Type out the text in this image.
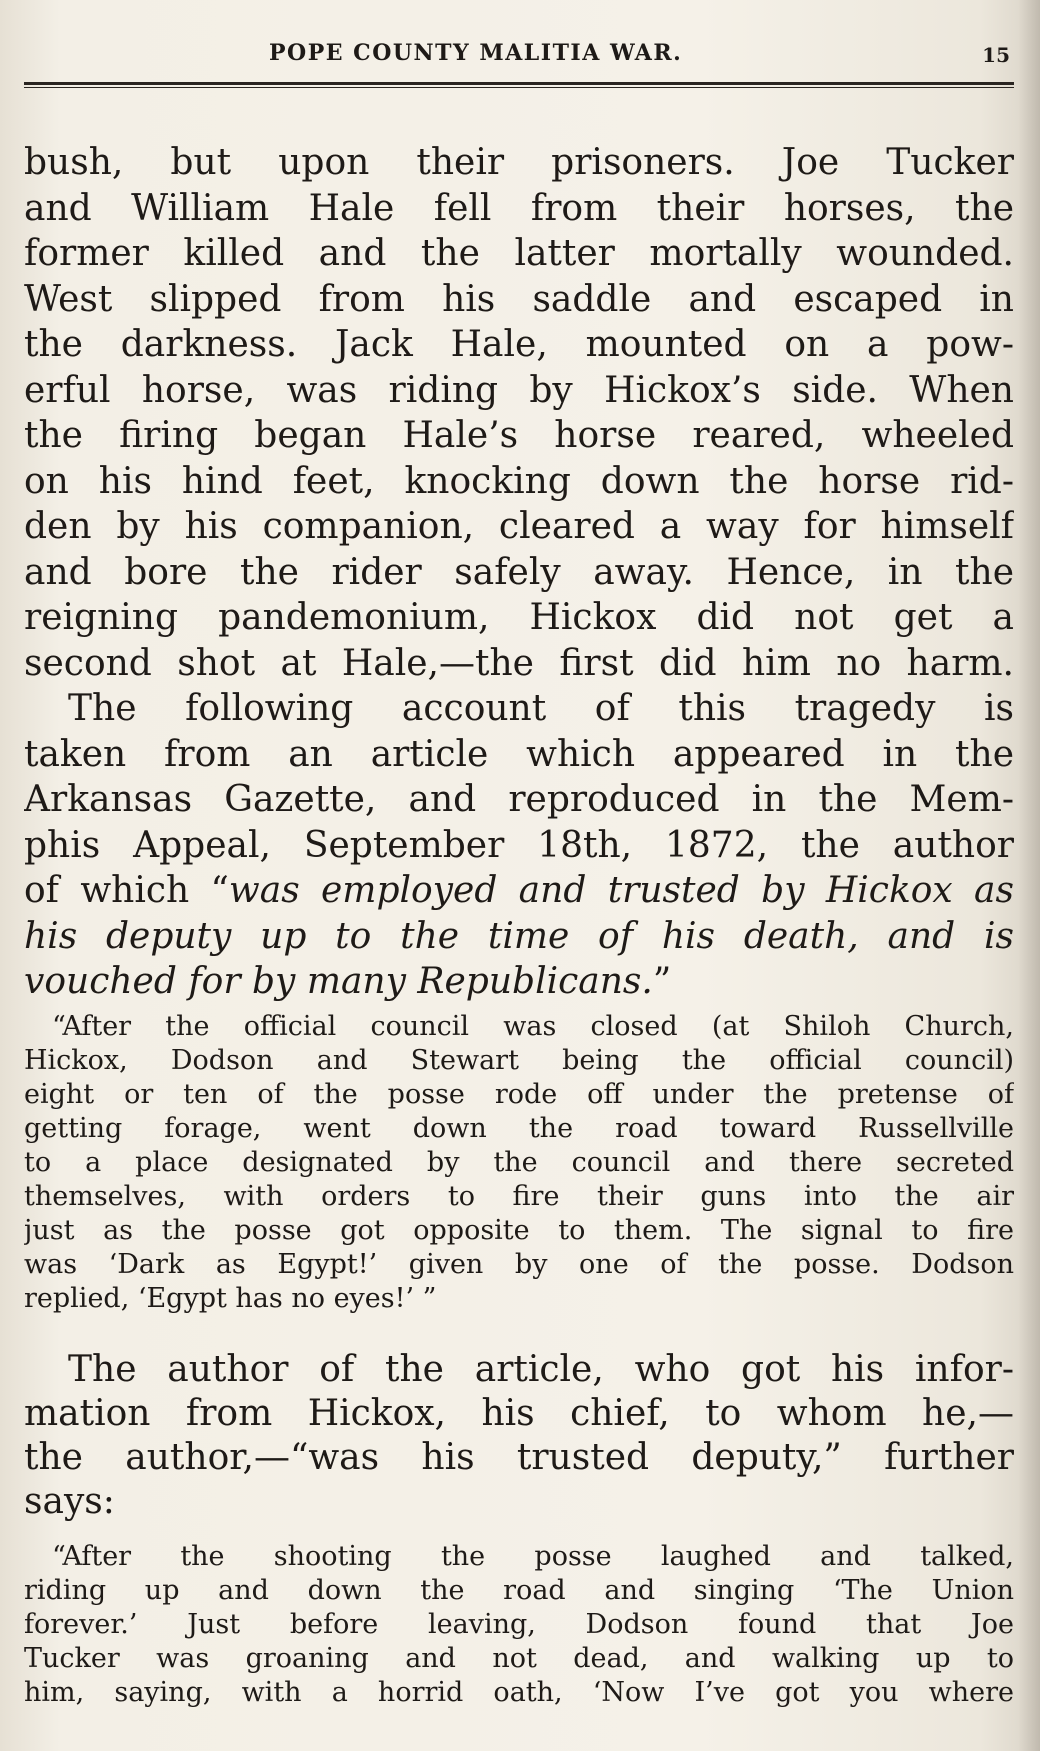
POPE COUNTY MALITIA WAR.	15
bush, but upon their prisoners. Joe Tucker
and William Hale fell from their horses, the
former killed and the latter mortally wounded.
West slipped from his saddle and escaped in
the darkness. Jack Hale, mounted on a pow-
erful horse, was riding by Hickox’s side. When
the firing began Hale’s horse reared, wheeled
on his hind feet, knocking down the horse rid-
den by his companion, cleared a way for himself
and bore the rider safely away. Hence, in the
reigning pandemonium, Hickox did not get a
second shot at Hale,—the first did him no harm.
The following account of this tragedy is
taken from an article which appeared in the
Arkansas Gazette, and reproduced in the Mem-
phis Appeal, September 18th, 1872, the author
of which “was employed and trusted by Hickox as
his deputy up to the time of his death, and is
vouched for by many Republicans.”
“After the official council was closed (at Shiloh Church,
Hickox, Dodson and Stewart being the official council)
eight or ten of the posse rode off under the pretense of
getting forage, went down the road toward Russellville
to a place designated by the council and there secreted
themselves, with orders to fire their guns into the air
just as the posse got opposite to them. The signal to fire
was ‘Dark as Egypt!’ given by one of the posse. Dodson
replied, ‘Egypt has no eyes!’ ”
The author of the article, who got his infor-
mation from Hickox, his chief, to whom he,—
the author,—“was his trusted deputy,” further
says:
“After the shooting the posse laughed and talked,
riding up and down the road and singing ‘The Union
forever.’ Just before leaving, Dodson found that Joe
Tucker was groaning and not dead, and walking up to
him, saying, with a horrid oath, ‘Now I’ve got you where
